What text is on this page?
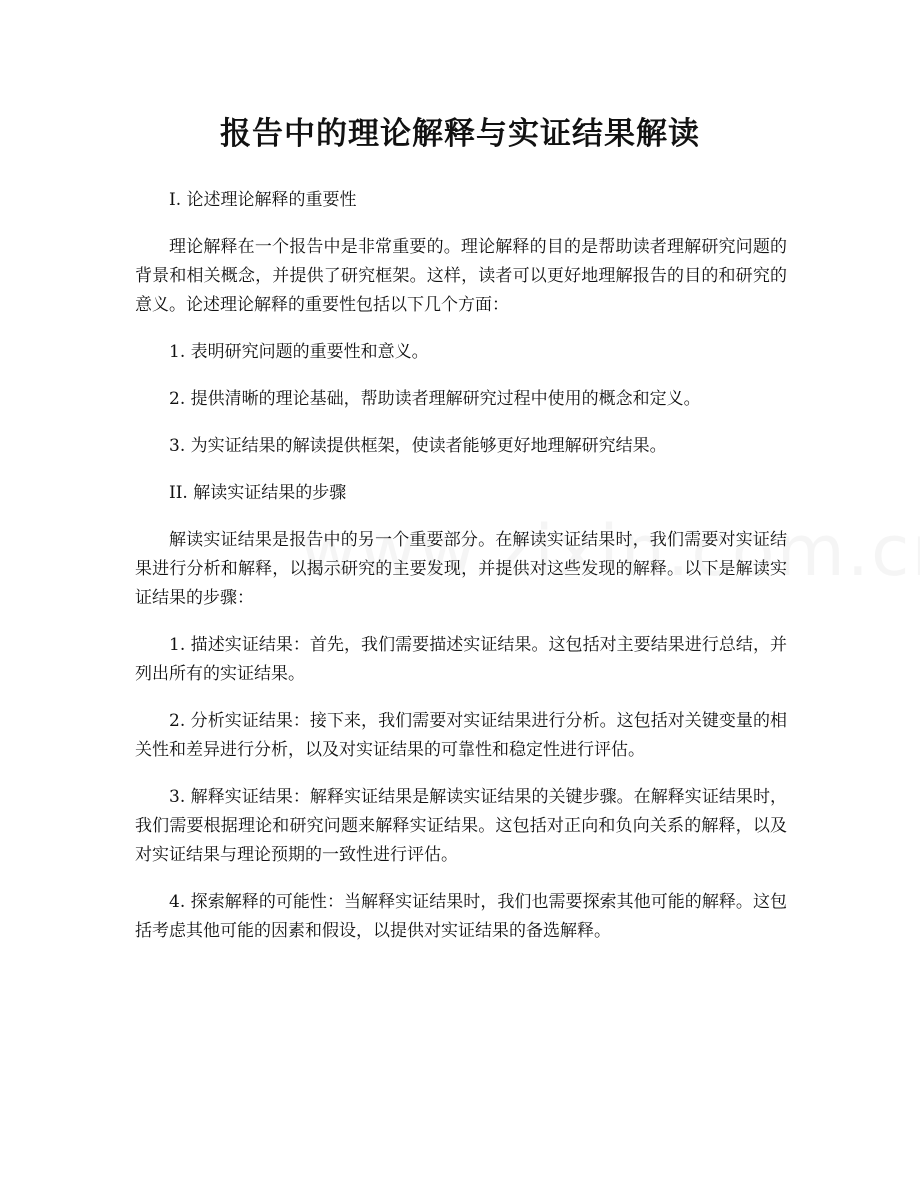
报告中的理论解释与实证结果解读

I. 论述理论解释的重要性

理论解释在一个报告中是非常重要的。理论解释的目的是帮助读者理解研究问题的背景和相关概念，并提供了研究框架。这样，读者可以更好地理解报告的目的和研究的意义。论述理论解释的重要性包括以下几个方面：

1. 表明研究问题的重要性和意义。

2. 提供清晰的理论基础，帮助读者理解研究过程中使用的概念和定义。

3. 为实证结果的解读提供框架，使读者能够更好地理解研究结果。

II. 解读实证结果的步骤

解读实证结果是报告中的另一个重要部分。在解读实证结果时，我们需要对实证结果进行分析和解释，以揭示研究的主要发现，并提供对这些发现的解释。以下是解读实证结果的步骤：

1. 描述实证结果：首先，我们需要描述实证结果。这包括对主要结果进行总结，并列出所有的实证结果。

2. 分析实证结果：接下来，我们需要对实证结果进行分析。这包括对关键变量的相关性和差异进行分析，以及对实证结果的可靠性和稳定性进行评估。

3. 解释实证结果：解释实证结果是解读实证结果的关键步骤。在解释实证结果时，我们需要根据理论和研究问题来解释实证结果。这包括对正向和负向关系的解释，以及对实证结果与理论预期的一致性进行评估。

4. 探索解释的可能性：当解释实证结果时，我们也需要探索其他可能的解释。这包括考虑其他可能的因素和假设，以提供对实证结果的备选解释。
